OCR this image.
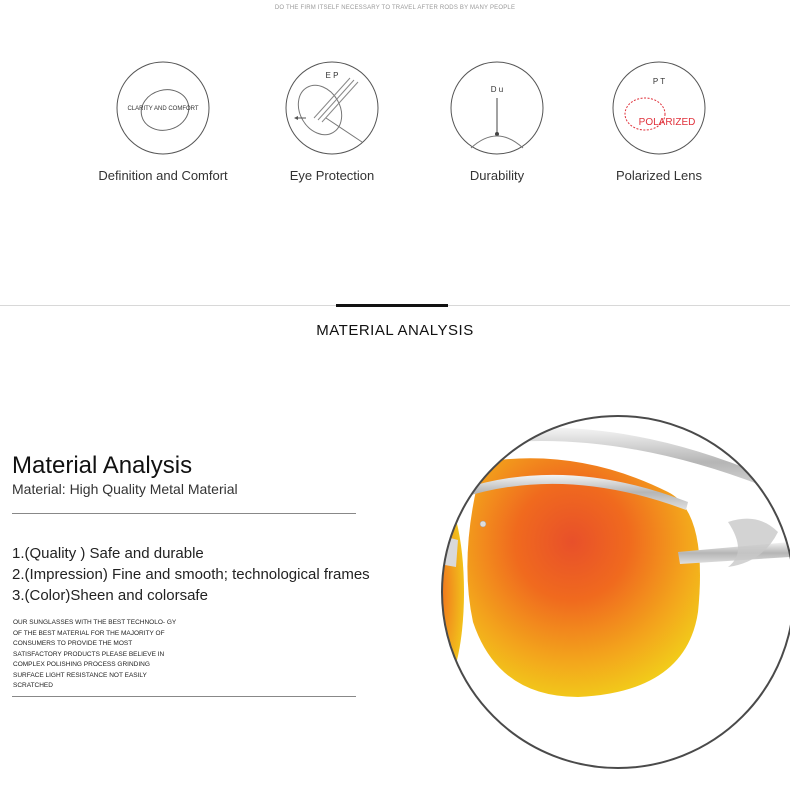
DO THE FIRM ITSELF NECESSARY TO TRAVEL AFTER RODS BY MANY PEOPLE
CLARITY AND COMFORT
Definition and Comfort
E P
Eye Protection
D u
Durability
P T
POLARIZED
Polarized Lens
MATERIAL ANALYSIS
Material Analysis
Material: High Quality Metal Material
1.(Quality ) Safe and durable
2.(Impression) Fine and smooth; technological frames
3.(Color)Sheen and colorsafe
OUR SUNGLASSES WITH THE BEST TECHNOLO- GY OF THE BEST MATERIAL FOR THE MAJORITY OF CONSUMERS TO PROVIDE THE MOST SATISFACTORY PRODUCTS PLEASE BELIEVE IN COMPLEX POLISHING PROCESS GRINDING SURFACE LIGHT RESISTANCE NOT EASILY SCRATCHED
